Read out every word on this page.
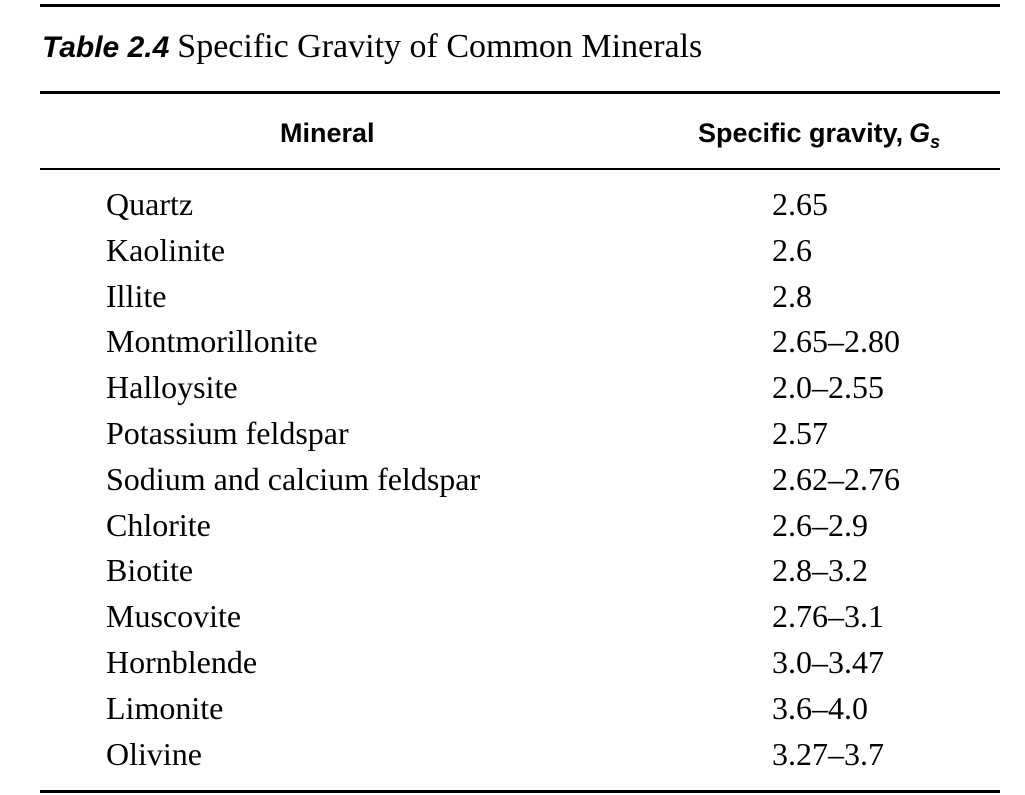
Table 2.4 Specific Gravity of Common Minerals
Mineral	Specific gravity, $G_s$
Quartz	2.65
Kaolinite	2.6
Illite	2.8
Montmorillonite	2.65–2.80
Halloysite	2.0–2.55
Potassium feldspar	2.57
Sodium and calcium feldspar	2.62–2.76
Chlorite	2.6–2.9
Biotite	2.8–3.2
Muscovite	2.76–3.1
Hornblende	3.0–3.47
Limonite	3.6–4.0
Olivine	3.27–3.7
